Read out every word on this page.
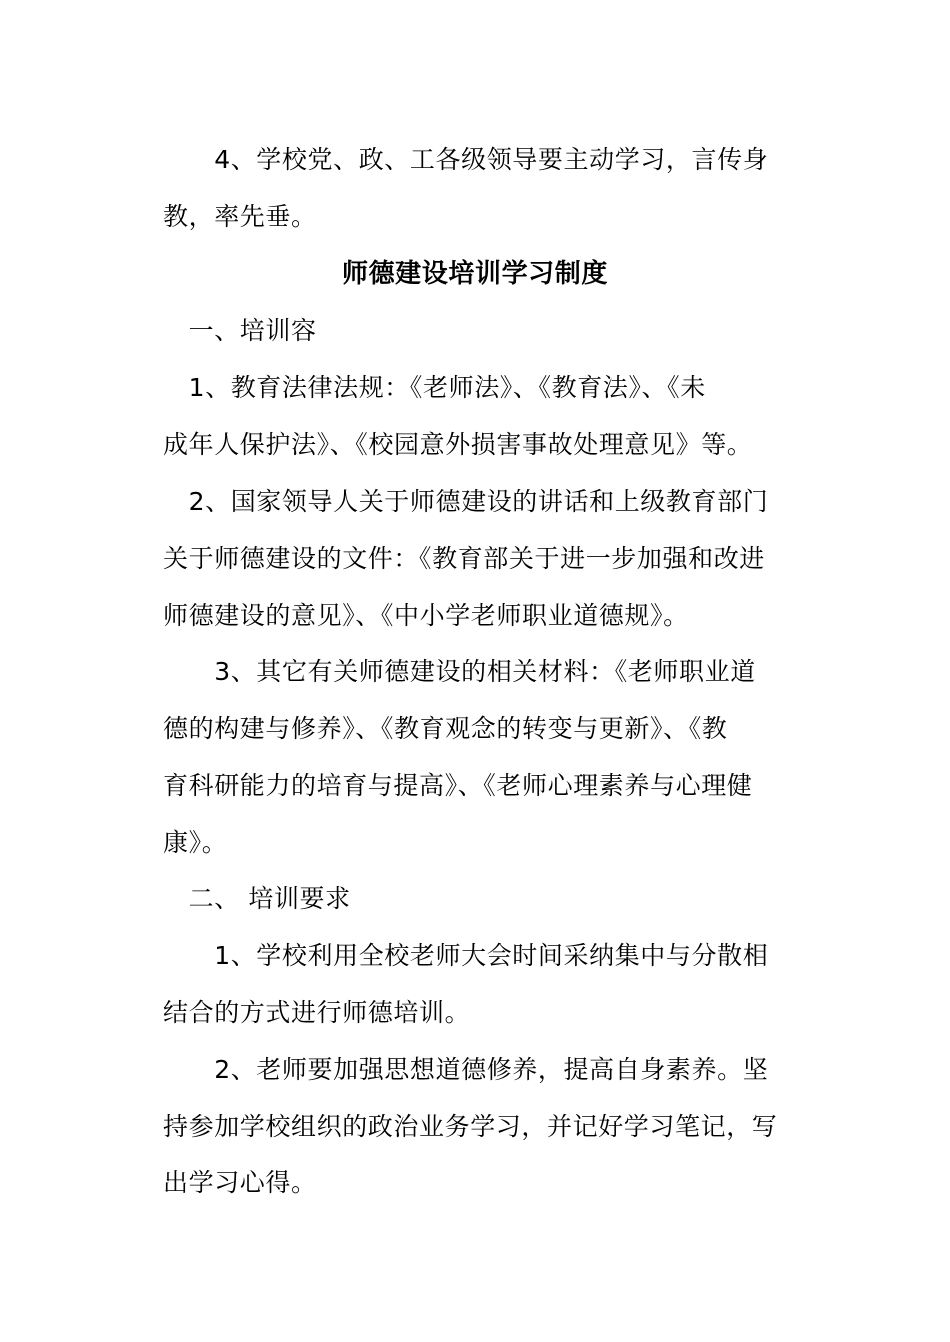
　　4、学校党、政、工各级领导要主动学习，言传身
教，率先垂。
师德建设培训学习制度
　一、培训容
　1、教育法律法规：《老师法》、《教育法》、《未
成年人保护法》、《校园意外损害事故处理意见》等。
　2、国家领导人关于师德建设的讲话和上级教育部门
关于师德建设的文件：《教育部关于进一步加强和改进
师德建设的意见》、《中小学老师职业道德规》。
　　3、其它有关师德建设的相关材料：《老师职业道
德的构建与修养》、《教育观念的转变与更新》、《教
育科研能力的培育与提高》、《老师心理素养与心理健
康》。
　二、 培训要求
　　1、学校利用全校老师大会时间采纳集中与分散相
结合的方式进行师德培训。
　　2、老师要加强思想道德修养，提高自身素养。坚
持参加学校组织的政治业务学习，并记好学习笔记，写
出学习心得。
